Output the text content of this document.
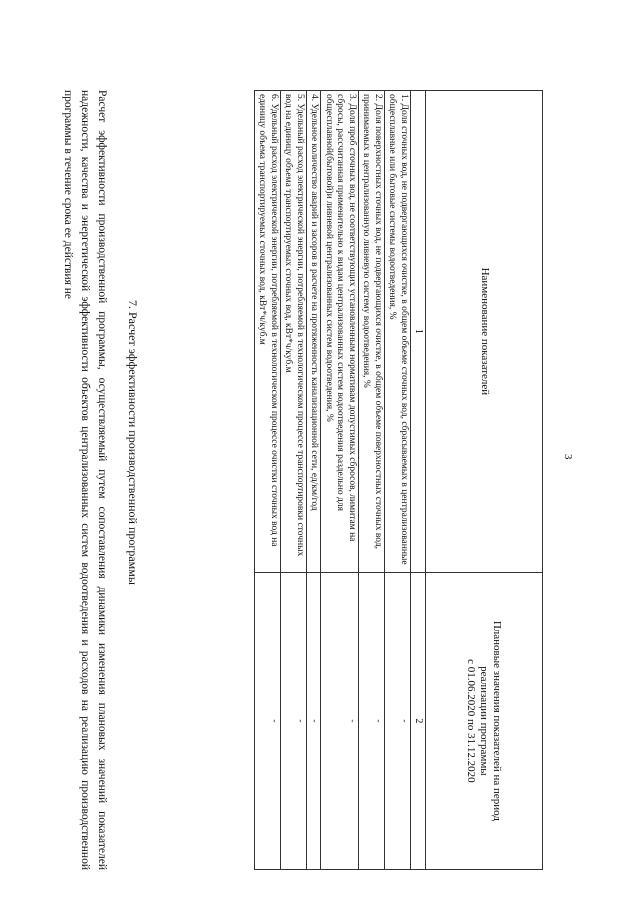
3
Наименование показателей	Плановые значения показателей на период
реализации программы
с 01.06.2020 по 31.12.2020

1	2
1. Доля сточных вод, не подвергающихся очистке, в общем объеме сточных вод, сбрасываемых в централизованные общесплавные или бытовые системы водоотведения, %	-
2. Доля поверхностных сточных вод, не подвергающихся очистке, в общем объеме поверхностных сточных вод, принимаемых в централизованную ливневую систему водоотведения, %	-
3. Доля проб сточных вод, не соответствующих установленным нормативам допустимых сбросов, лимитам на сбросы, рассчитанная применительно к видам централизованных систем водоотведения раздельно для общесплавной(бытовой)и ливневой централизованных систем водоотведения, %	-
4. Удельное количество аварий и засоров в расчете на протяженность канализационной сети, ед/км/год	-
5. Удельный расход электрической энергии, потребляемой в технологическом процессе транспортировки сточных вод на единицу объема транспортируемых сточных вод, кВт*ч/куб.м	-
6. Удельный расход электрической энергии, потребляемой в технологическом процессе очистки сточных вод на единицу объема транспортируемых сточных вод, кВт*ч/куб.м	-
7. Расчет эффективности производственной программы
Расчет эффективности производственной программы, осуществляемый путем сопоставления динамики изменения плановых значений показателей надежности, качества и энергетической эффективности объектов централизованных систем водоотведения и расходов на реализацию производственной программы в течение срока ее действия не
